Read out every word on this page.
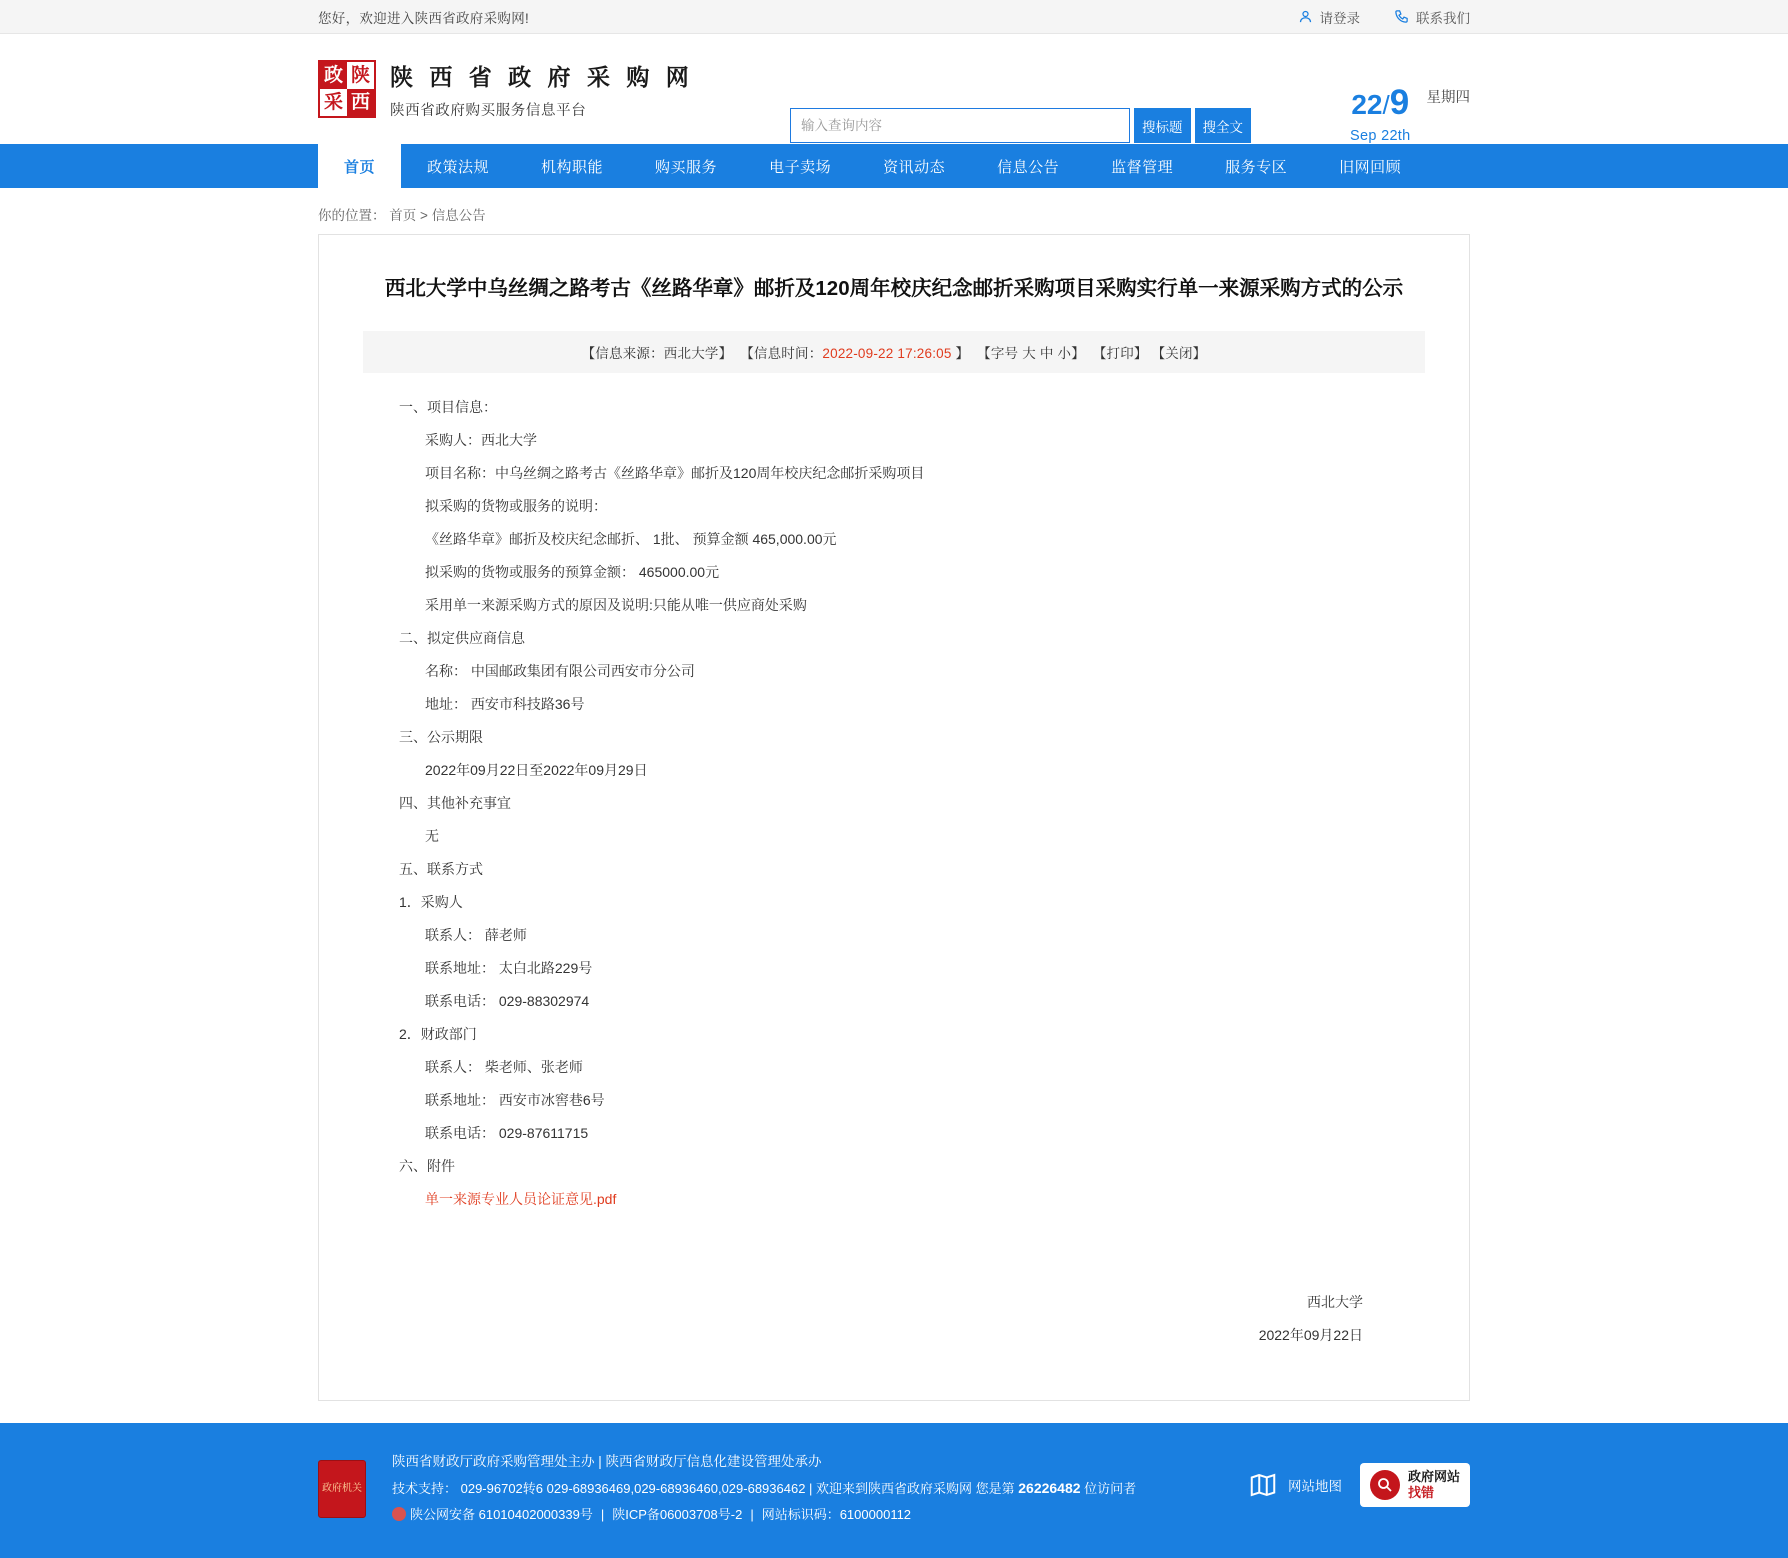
您好，欢迎进入陕西省政府采购网!	请登录	联系我们
政 陕
采 西
陕 西 省 政 府 采 购 网
陕西省政府购买服务信息平台
输入查询内容
搜标题	搜全文
22/9
Sep 22th
星期四
首页	政策法规	机构职能	购买服务	电子卖场	资讯动态	信息公告	监督管理	服务专区	旧网回顾
你的位置： 首页 > 信息公告
西北大学中乌丝绸之路考古《丝路华章》邮折及120周年校庆纪念邮折采购项目采购实行单一来源采购方式的公示
【信息来源：西北大学】 【信息时间：2022-09-22 17:26:05 】 【字号 大 中 小】 【打印】 【关闭】
一、项目信息：
采购人：西北大学
项目名称：中乌丝绸之路考古《丝路华章》邮折及120周年校庆纪念邮折采购项目
拟采购的货物或服务的说明：
《丝路华章》邮折及校庆纪念邮折、 1批、 预算金额 465,000.00元
拟采购的货物或服务的预算金额： 465000.00元
采用单一来源采购方式的原因及说明:只能从唯一供应商处采购
二、拟定供应商信息
名称： 中国邮政集团有限公司西安市分公司
地址： 西安市科技路36号
三、公示期限
2022年09月22日至2022年09月29日
四、其他补充事宜
无
五、联系方式
1．采购人
联系人： 薛老师
联系地址： 太白北路229号
联系电话： 029-88302974
2．财政部门
联系人： 柴老师、张老师
联系地址： 西安市冰窖巷6号
联系电话： 029-87611715
六、附件
单一来源专业人员论证意见.pdf
西北大学
2022年09月22日
政府机关
陕西省财政厅政府采购管理处主办 | 陕西省财政厅信息化建设管理处承办
技术支持： 029-96702转6 029-68936469,029-68936460,029-68936462 | 欢迎来到陕西省政府采购网 您是第 26226482 位访问者
陕公网安备 61010402000339号 | 陕ICP备06003708号-2 | 网站标识码：6100000112
网站地图
政府网站
找错
